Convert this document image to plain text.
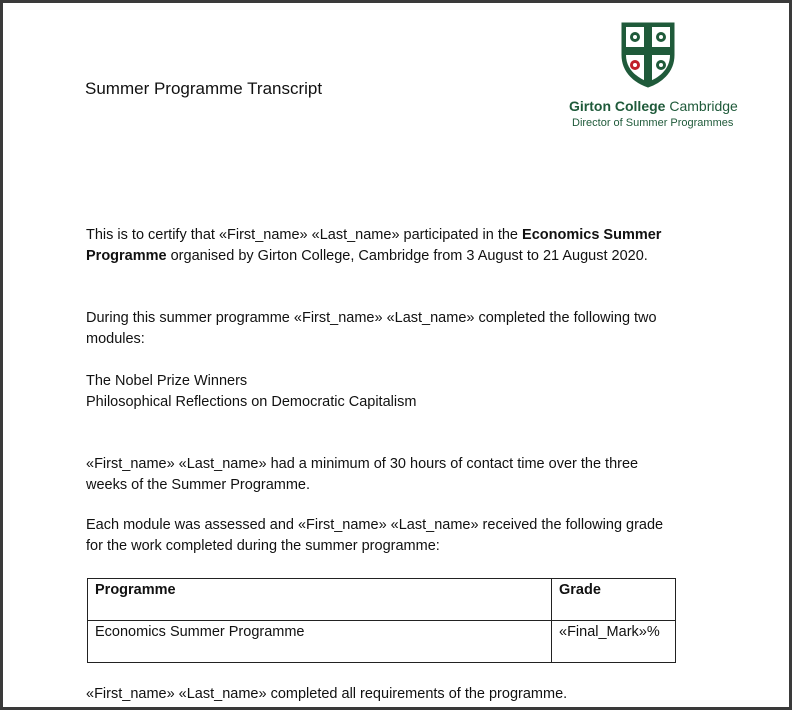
Summer Programme Transcript
Girton College Cambridge
Director of Summer Programmes
This is to certify that «First_name» «Last_name» participated in the Economics Summer Programme organised by Girton College, Cambridge from 3 August to 21 August 2020.
During this summer programme «First_name» «Last_name» completed the following two modules:
The Nobel Prize Winners
Philosophical Reflections on Democratic Capitalism
«First_name» «Last_name» had a minimum of 30 hours of contact time over the three weeks of the Summer Programme.
Each module was assessed and «First_name» «Last_name» received the following grade for the work completed during the summer programme:
Programme	Grade
Economics Summer Programme	«Final_Mark»%
«First_name» «Last_name» completed all requirements of the programme.
